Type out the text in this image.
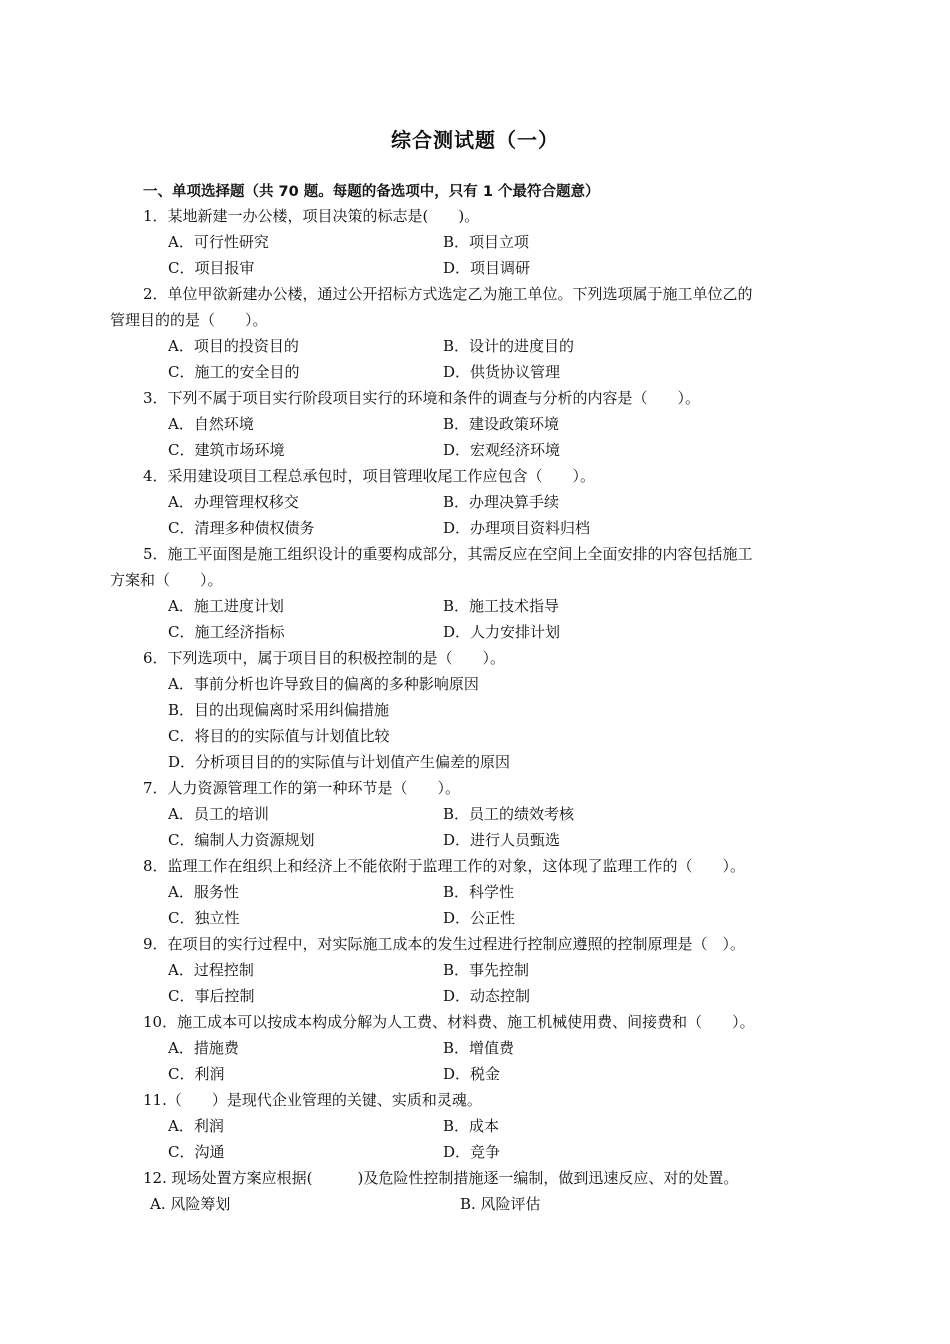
综合测试题（一）
一、单项选择题（共 70 题。每题的备选项中，只有 1 个最符合题意）
1．某地新建一办公楼，项目决策的标志是(　　)。
A．可行性研究	B．项目立项
C．项目报审	D．项目调研
2．单位甲欲新建办公楼，通过公开招标方式选定乙为施工单位。下列选项属于施工单位乙的
管理目的的是（　　）。
A．项目的投资目的	B．设计的进度目的
C．施工的安全目的	D．供货协议管理
3．下列不属于项目实行阶段项目实行的环境和条件的调查与分析的内容是（　　）。
A．自然环境	B．建设政策环境
C．建筑市场环境	D．宏观经济环境
4．采用建设项目工程总承包时，项目管理收尾工作应包含（　　）。
A．办理管理权移交	B．办理决算手续
C．清理多种债权债务	D．办理项目资料归档
5．施工平面图是施工组织设计的重要构成部分，其需反应在空间上全面安排的内容包括施工
方案和（　　）。
A．施工进度计划	B．施工技术指导
C．施工经济指标	D．人力安排计划
6．下列选项中，属于项目目的积极控制的是（　　）。
A．事前分析也许导致目的偏离的多种影响原因
B．目的出现偏离时采用纠偏措施
C．将目的的实际值与计划值比较
D．分析项目目的的实际值与计划值产生偏差的原因
7．人力资源管理工作的第一种环节是（　　）。
A．员工的培训	B．员工的绩效考核
C．编制人力资源规划	D．进行人员甄选
8．监理工作在组织上和经济上不能依附于监理工作的对象，这体现了监理工作的（　　）。
A．服务性	B．科学性
C．独立性	D．公正性
9．在项目的实行过程中，对实际施工成本的发生过程进行控制应遵照的控制原理是（　）。
A．过程控制	B．事先控制
C．事后控制	D．动态控制
10．施工成本可以按成本构成分解为人工费、材料费、施工机械使用费、间接费和（　　）。
A．措施费	B．增值费
C．利润	D．税金
11.（　　）是现代企业管理的关键、实质和灵魂。
A．利润	B．成本
C．沟通	D．竞争
12. 现场处置方案应根据(　　　)及危险性控制措施逐一编制，做到迅速反应、对的处置。
A. 风险筹划	B. 风险评估
